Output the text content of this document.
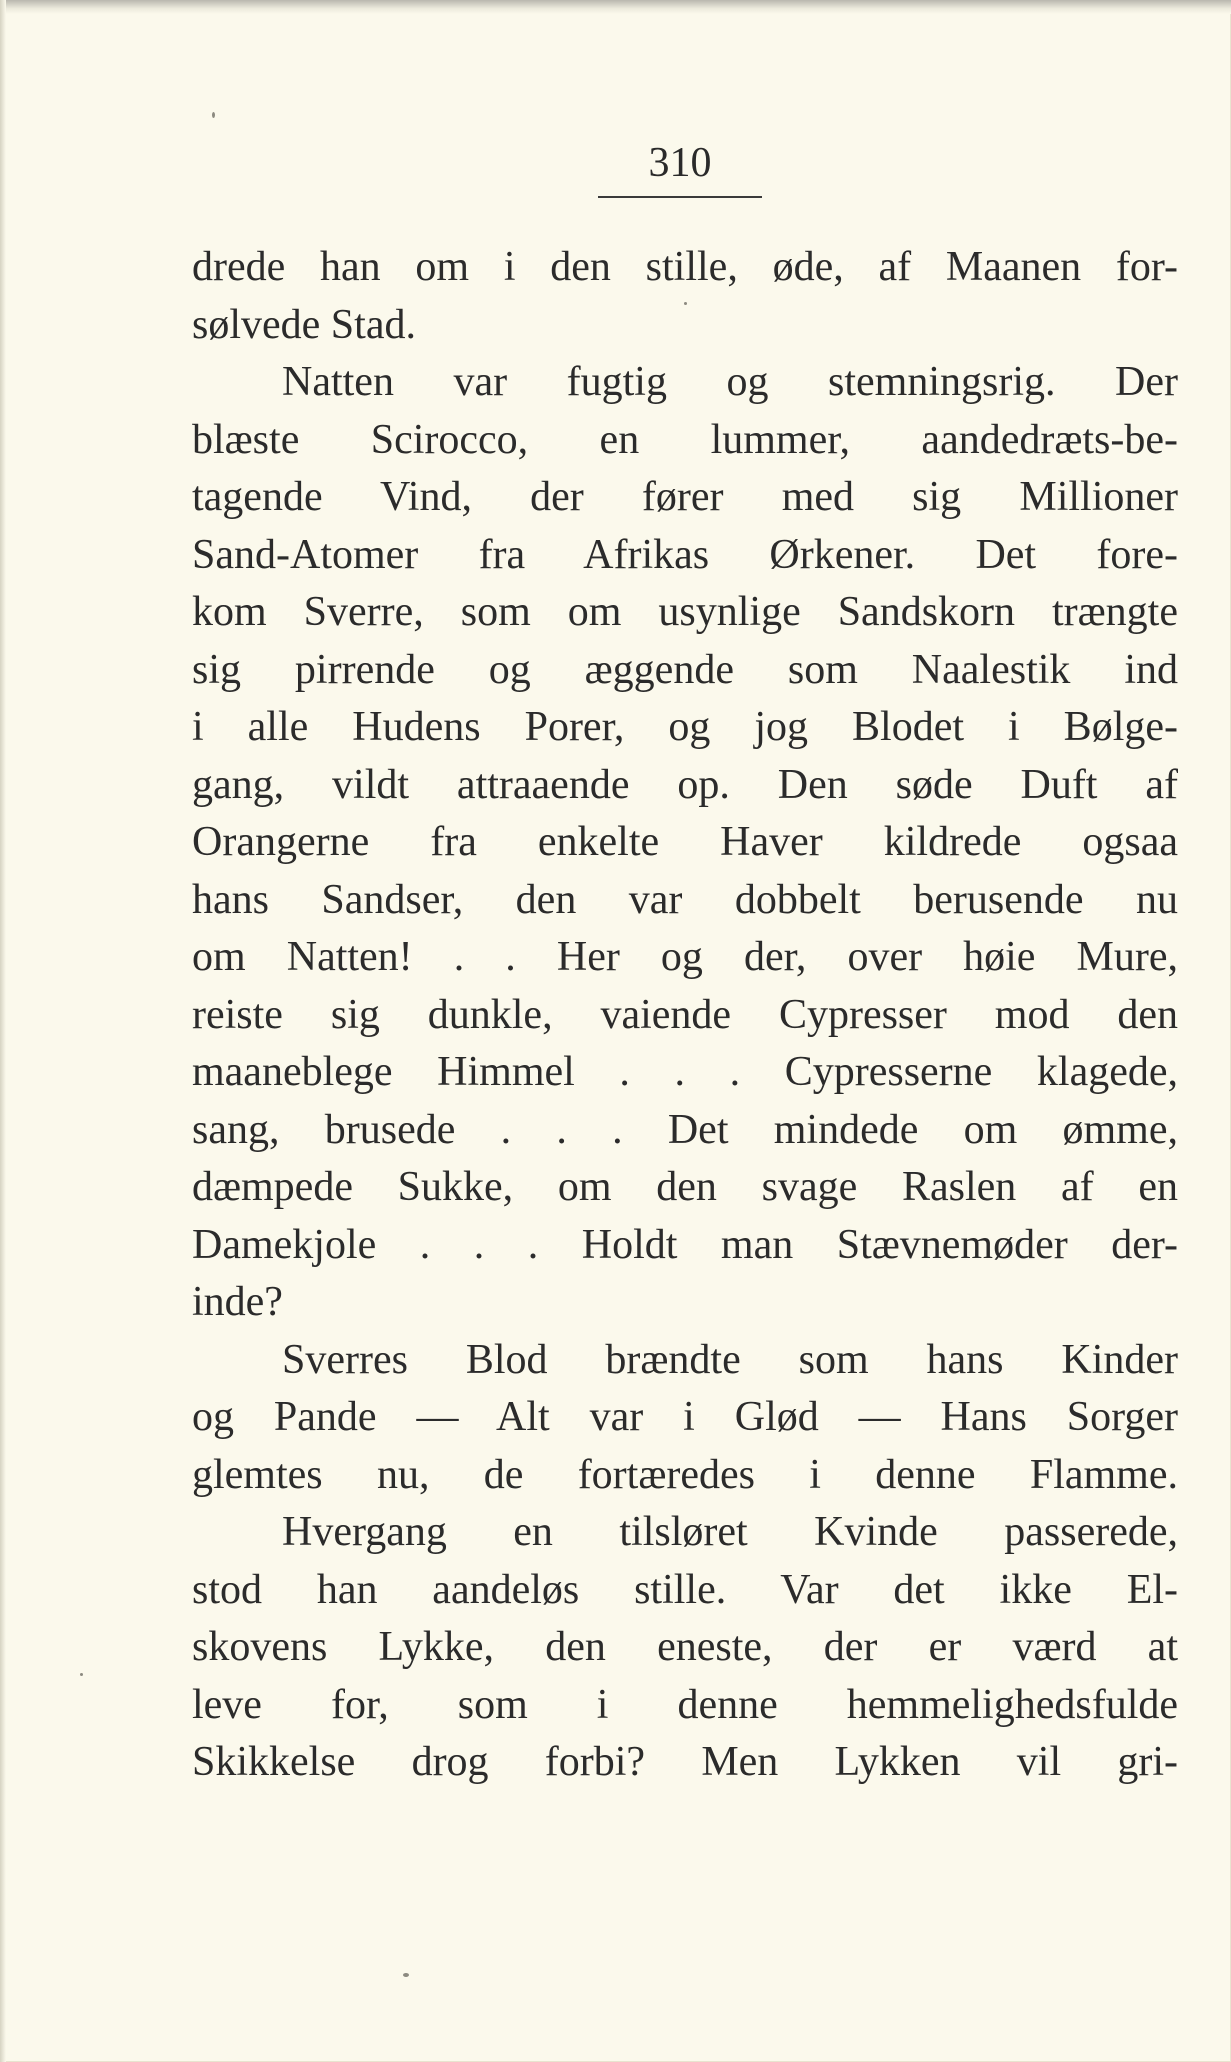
310
drede han om i den stille, øde, af Maanen for-
sølvede Stad.
Natten var fugtig og stemningsrig. Der
blæste Scirocco, en lummer, aandedræts-be-
tagende Vind, der fører med sig Millioner
Sand-Atomer fra Afrikas Ørkener. Det fore-
kom Sverre, som om usynlige Sandskorn trængte
sig pirrende og æggende som Naalestik ind
i alle Hudens Porer, og jog Blodet i Bølge-
gang, vildt attraaende op. Den søde Duft af
Orangerne fra enkelte Haver kildrede ogsaa
hans Sandser, den var dobbelt berusende nu
om Natten! . . Her og der, over høie Mure,
reiste sig dunkle, vaiende Cypresser mod den
maaneblege Himmel . . . Cypresserne klagede,
sang, brusede . . . Det mindede om ømme,
dæmpede Sukke, om den svage Raslen af en
Damekjole . . . Holdt man Stævnemøder der-
inde?
Sverres Blod brændte som hans Kinder
og Pande — Alt var i Glød — Hans Sorger
glemtes nu, de fortæredes i denne Flamme.
Hvergang en tilsløret Kvinde passerede,
stod han aandeløs stille. Var det ikke El-
skovens Lykke, den eneste, der er værd at
leve for, som i denne hemmelighedsfulde
Skikkelse drog forbi? Men Lykken vil gri-
